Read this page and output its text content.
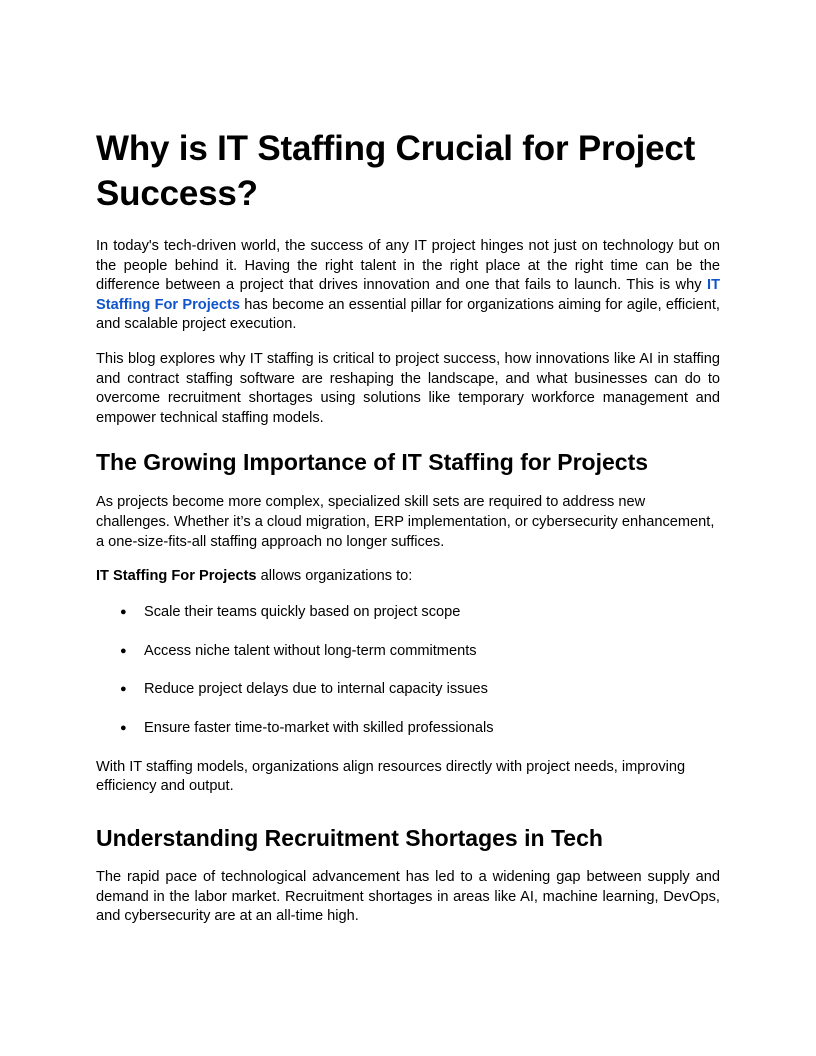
Why is IT Staffing Crucial for Project Success?

In today's tech-driven world, the success of any IT project hinges not just on technology but on the people behind it. Having the right talent in the right place at the right time can be the difference between a project that drives innovation and one that fails to launch. This is why IT Staffing For Projects has become an essential pillar for organizations aiming for agile, efficient, and scalable project execution.

This blog explores why IT staffing is critical to project success, how innovations like AI in staffing and contract staffing software are reshaping the landscape, and what businesses can do to overcome recruitment shortages using solutions like temporary workforce management and empower technical staffing models.

The Growing Importance of IT Staffing for Projects

As projects become more complex, specialized skill sets are required to address new challenges. Whether it’s a cloud migration, ERP implementation, or cybersecurity enhancement, a one-size-fits-all staffing approach no longer suffices.

IT Staffing For Projects allows organizations to:

● Scale their teams quickly based on project scope
● Access niche talent without long-term commitments
● Reduce project delays due to internal capacity issues
● Ensure faster time-to-market with skilled professionals

With IT staffing models, organizations align resources directly with project needs, improving efficiency and output.

Understanding Recruitment Shortages in Tech

The rapid pace of technological advancement has led to a widening gap between supply and demand in the labor market. Recruitment shortages in areas like AI, machine learning, DevOps, and cybersecurity are at an all-time high.
